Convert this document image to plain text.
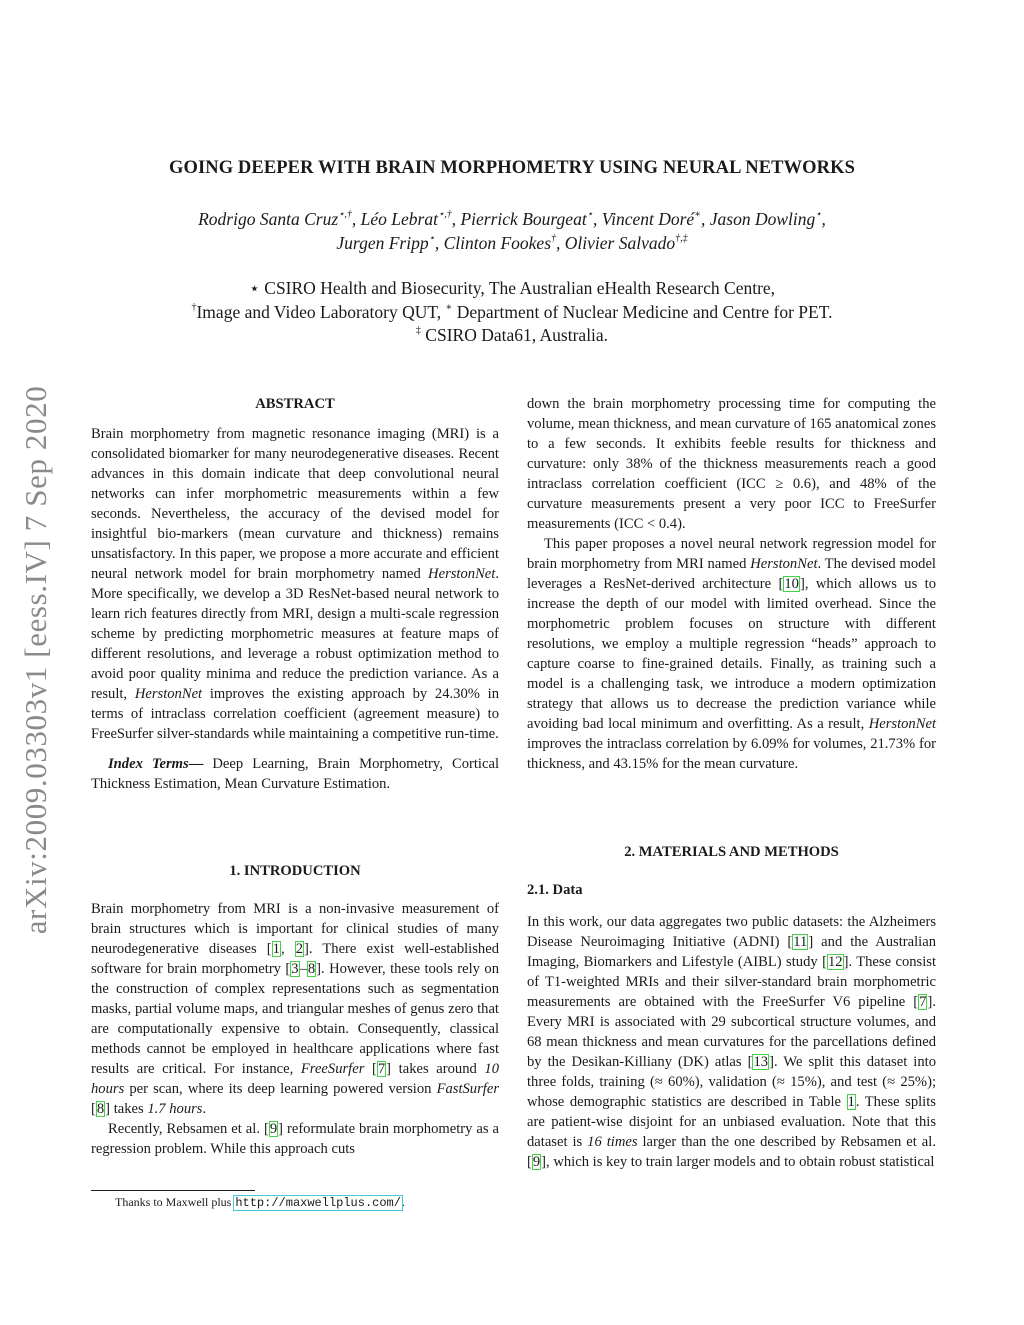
GOING DEEPER WITH BRAIN MORPHOMETRY USING NEURAL NETWORKS
Rodrigo Santa Cruz⋆,†, Léo Lebrat⋆,†, Pierrick Bourgeat⋆, Vincent Doré∗, Jason Dowling⋆,
Jurgen Fripp⋆, Clinton Fookes†, Olivier Salvado†,‡
⋆ CSIRO Health and Biosecurity, The Australian eHealth Research Centre,
†Image and Video Laboratory QUT, ∗ Department of Nuclear Medicine and Centre for PET.
‡ CSIRO Data61, Australia.
arXiv:2009.03303v1 [eess.IV] 7 Sep 2020	ABSTRACT

Brain morphometry from magnetic resonance imaging (MRI) is a consolidated biomarker for many neurodegenerative diseases. Recent advances in this domain indicate that deep convolutional neural networks can infer morphometric measurements within a few seconds. Nevertheless, the accuracy of the devised model for insightful bio-markers (mean curvature and thickness) remains unsatisfactory. In this paper, we propose a more accurate and efficient neural network model for brain morphometry named HerstonNet. More specifically, we develop a 3D ResNet-based neural network to learn rich features directly from MRI, design a multi-scale regression scheme by predicting morphometric measures at feature maps of different resolutions, and leverage a robust optimization method to avoid poor quality minima and reduce the prediction variance. As a result, HerstonNet improves the existing approach by 24.30% in terms of intraclass correlation coefficient (agreement measure) to FreeSurfer silver-standards while maintaining a competitive run-time.

Index Terms— Deep Learning, Brain Morphometry, Cortical Thickness Estimation, Mean Curvature Estimation.

1. INTRODUCTION

Brain morphometry from MRI is a non-invasive measurement of brain structures which is important for clinical studies of many neurodegenerative diseases [1, 2]. There exist well-established software for brain morphometry [3–8]. However, these tools rely on the construction of complex representations such as segmentation masks, partial volume maps, and triangular meshes of genus zero that are computationally expensive to obtain. Consequently, classical methods cannot be employed in healthcare applications where fast results are critical. For instance, FreeSurfer [7] takes around 10 hours per scan, where its deep learning powered version FastSurfer [8] takes 1.7 hours.

Recently, Rebsamen et al. [9] reformulate brain morphometry as a regression problem. While this approach cuts

Thanks to Maxwell plus http://maxwellplus.com/.

down the brain morphometry processing time for computing the volume, mean thickness, and mean curvature of 165 anatomical zones to a few seconds. It exhibits feeble results for thickness and curvature: only 38% of the thickness measurements reach a good intraclass correlation coefficient (ICC ≥ 0.6), and 48% of the curvature measurements present a very poor ICC to FreeSurfer measurements (ICC < 0.4).

This paper proposes a novel neural network regression model for brain morphometry from MRI named HerstonNet. The devised model leverages a ResNet-derived architecture [10], which allows us to increase the depth of our model with limited overhead. Since the morphometric problem focuses on structure with different resolutions, we employ a multiple regression “heads” approach to capture coarse to fine-grained details. Finally, as training such a model is a challenging task, we introduce a modern optimization strategy that allows us to decrease the prediction variance while avoiding bad local minimum and overfitting. As a result, HerstonNet improves the intraclass correlation by 6.09% for volumes, 21.73% for thickness, and 43.15% for the mean curvature.

2. MATERIALS AND METHODS
2.1. Data

In this work, our data aggregates two public datasets: the Alzheimers Disease Neuroimaging Initiative (ADNI) [11] and the Australian Imaging, Biomarkers and Lifestyle (AIBL) study [12]. These consist of T1-weighted MRIs and their silver-standard brain morphometric measurements are obtained with the FreeSurfer V6 pipeline [7]. Every MRI is associated with 29 subcortical structure volumes, and 68 mean thickness and mean curvatures for the parcellations defined by the Desikan-Killiany (DK) atlas [13]. We split this dataset into three folds, training (≈ 60%), validation (≈ 15%), and test (≈ 25%); whose demographic statistics are described in Table 1. These splits are patient-wise disjoint for an unbiased evaluation. Note that this dataset is 16 times larger than the one described by Rebsamen et al. [9], which is key to train larger models and to obtain robust statistical
